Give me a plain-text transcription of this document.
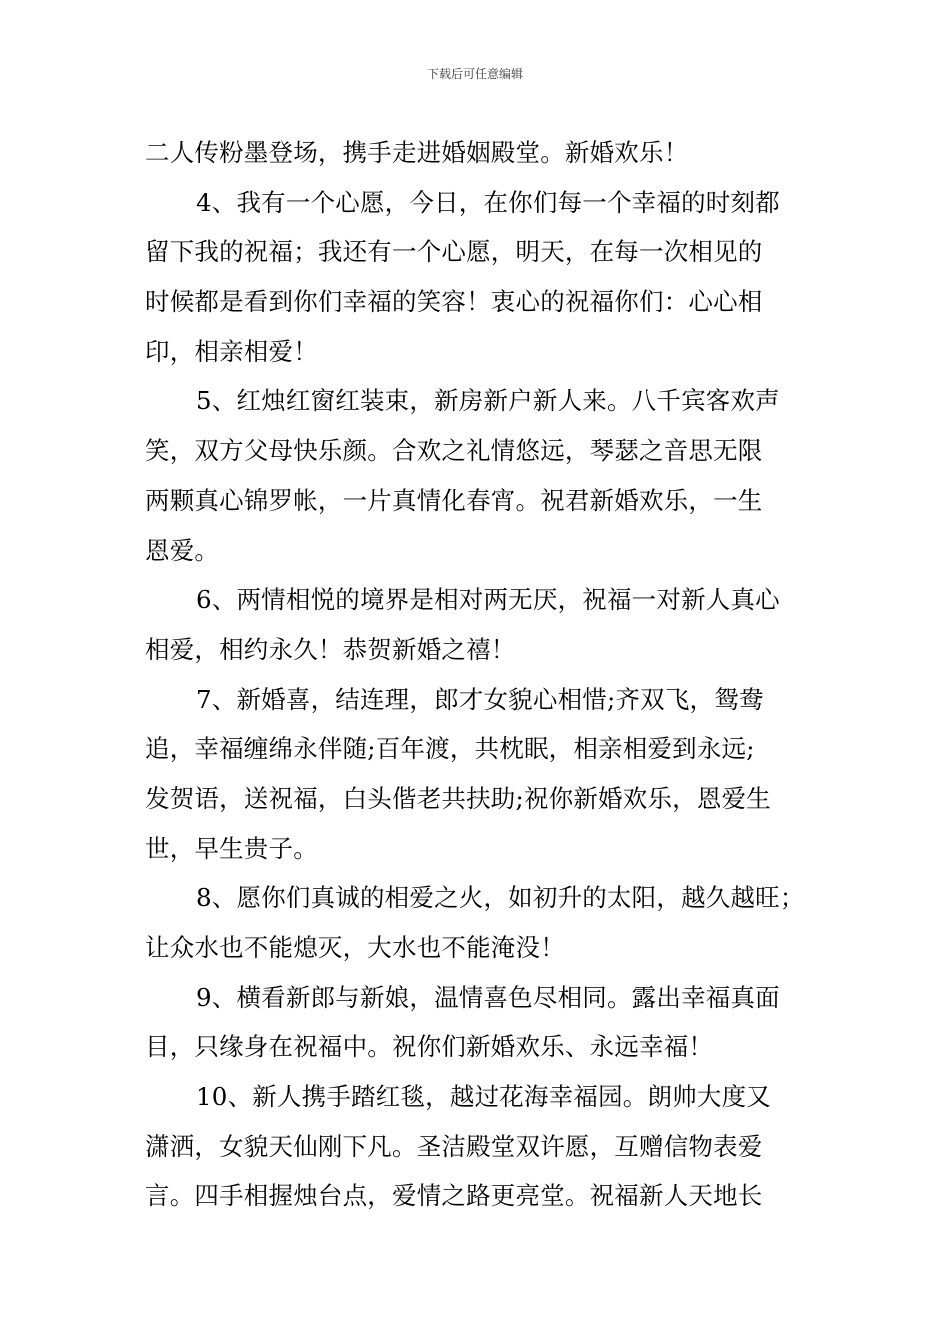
下载后可任意编辑

二人传粉墨登场，携手走进婚姻殿堂。新婚欢乐！

4、我有一个心愿，今日，在你们每一个幸福的时刻都
留下我的祝福；我还有一个心愿，明天，在每一次相见的
时候都是看到你们幸福的笑容！衷心的祝福你们：心心相
印，相亲相爱！

5、红烛红窗红装束，新房新户新人来。八千宾客欢声
笑，双方父母快乐颜。合欢之礼情悠远，琴瑟之音思无限
两颗真心锦罗帐，一片真情化春宵。祝君新婚欢乐，一生
恩爱。

6、两情相悦的境界是相对两无厌，祝福一对新人真心
相爱，相约永久！恭贺新婚之禧！

7、新婚喜，结连理，郎才女貌心相惜;齐双飞，鸳鸯
追，幸福缠绵永伴随;百年渡，共枕眠，相亲相爱到永远;
发贺语，送祝福，白头偕老共扶助;祝你新婚欢乐，恩爱生
世，早生贵子。

8、愿你们真诚的相爱之火，如初升的太阳，越久越旺；
让众水也不能熄灭，大水也不能淹没！

9、横看新郎与新娘，温情喜色尽相同。露出幸福真面
目，只缘身在祝福中。祝你们新婚欢乐、永远幸福！

10、新人携手踏红毯，越过花海幸福园。朗帅大度又
潇洒，女貌天仙刚下凡。圣洁殿堂双许愿，互赠信物表爱
言。四手相握烛台点，爱情之路更亮堂。祝福新人天地长
